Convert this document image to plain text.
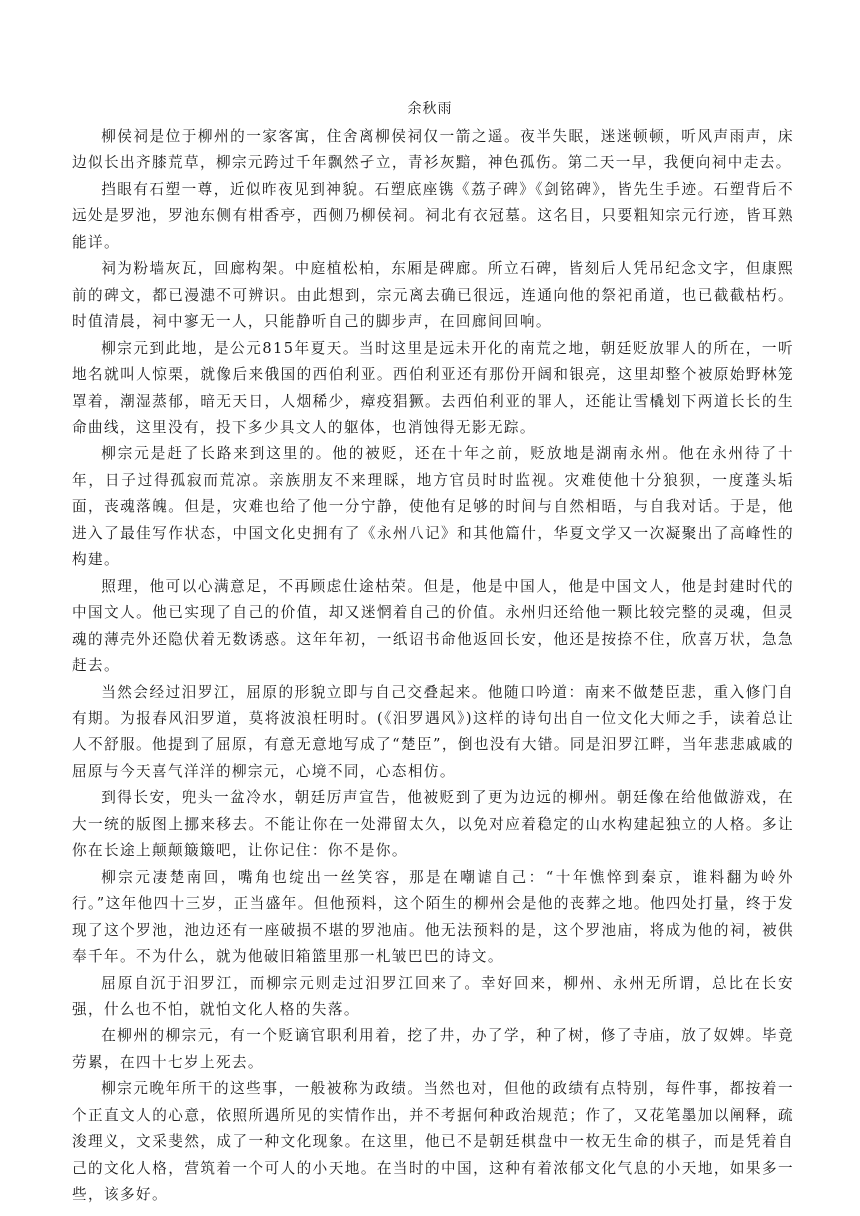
余秋雨

柳侯祠是位于柳州的一家客寓，住舍离柳侯祠仅一箭之遥。夜半失眠，迷迷顿顿，听风声雨声，床边似长出齐膝荒草，柳宗元跨过千年飘然孑立，青衫灰黯，神色孤伤。第二天一早，我便向祠中走去。

挡眼有石塑一尊，近似昨夜见到神貌。石塑底座镌《荔子碑》《剑铭碑》，皆先生手迹。石塑背后不远处是罗池，罗池东侧有柑香亭，西侧乃柳侯祠。祠北有衣冠墓。这名目，只要粗知宗元行迹，皆耳熟能详。

祠为粉墙灰瓦，回廊构架。中庭植松柏，东厢是碑廊。所立石碑，皆刻后人凭吊纪念文字，但康熙前的碑文，都已漫漶不可辨识。由此想到，宗元离去确已很远，连通向他的祭祀甬道，也已截截枯朽。时值清晨，祠中寥无一人，只能静听自己的脚步声，在回廊间回响。

柳宗元到此地，是公元815年夏天。当时这里是远未开化的南荒之地，朝廷贬放罪人的所在，一听地名就叫人惊栗，就像后来俄国的西伯利亚。西伯利亚还有那份开阔和银亮，这里却整个被原始野林笼罩着，潮湿蒸郁，暗无天日，人烟稀少，瘴疫猖獗。去西伯利亚的罪人，还能让雪橇划下两道长长的生命曲线，这里没有，投下多少具文人的躯体，也消蚀得无影无踪。

柳宗元是赶了长路来到这里的。他的被贬，还在十年之前，贬放地是湖南永州。他在永州待了十年，日子过得孤寂而荒凉。亲族朋友不来理睬，地方官员时时监视。灾难使他十分狼狈，一度蓬头垢面，丧魂落魄。但是，灾难也给了他一分宁静，使他有足够的时间与自然相晤，与自我对话。于是，他进入了最佳写作状态，中国文化史拥有了《永州八记》和其他篇什，华夏文学又一次凝聚出了高峰性的构建。

照理，他可以心满意足，不再顾虑仕途枯荣。但是，他是中国人，他是中国文人，他是封建时代的中国文人。他已实现了自己的价值，却又迷惘着自己的价值。永州归还给他一颗比较完整的灵魂，但灵魂的薄壳外还隐伏着无数诱惑。这年年初，一纸诏书命他返回长安，他还是按捺不住，欣喜万状，急急赶去。

当然会经过汨罗江，屈原的形貌立即与自己交叠起来。他随口吟道：南来不做楚臣悲，重入修门自有期。为报春风汨罗道，莫将波浪枉明时。(《汨罗遇风》)这样的诗句出自一位文化大师之手，读着总让人不舒服。他提到了屈原，有意无意地写成了“楚臣”，倒也没有大错。同是汨罗江畔，当年悲悲戚戚的屈原与今天喜气洋洋的柳宗元，心境不同，心态相仿。

到得长安，兜头一盆冷水，朝廷厉声宣告，他被贬到了更为边远的柳州。朝廷像在给他做游戏，在大一统的版图上挪来移去。不能让你在一处滞留太久，以免对应着稳定的山水构建起独立的人格。多让你在长途上颠颠簸簸吧，让你记住：你不是你。

柳宗元凄楚南回，嘴角也绽出一丝笑容，那是在嘲谑自己：“十年憔悴到秦京，谁料翻为岭外行。”这年他四十三岁，正当盛年。但他预料，这个陌生的柳州会是他的丧葬之地。他四处打量，终于发现了这个罗池，池边还有一座破损不堪的罗池庙。他无法预料的是，这个罗池庙，将成为他的祠，被供奉千年。不为什么，就为他破旧箱篮里那一札皱巴巴的诗文。

屈原自沉于汨罗江，而柳宗元则走过汨罗江回来了。幸好回来，柳州、永州无所谓，总比在长安强，什么也不怕，就怕文化人格的失落。

在柳州的柳宗元，有一个贬谪官职利用着，挖了井，办了学，种了树，修了寺庙，放了奴婢。毕竟劳累，在四十七岁上死去。

柳宗元晚年所干的这些事，一般被称为政绩。当然也对，但他的政绩有点特别，每件事，都按着一个正直文人的心意，依照所遇所见的实情作出，并不考据何种政治规范；作了，又花笔墨加以阐释，疏浚理义，文采斐然，成了一种文化现象。在这里，他已不是朝廷棋盘中一枚无生命的棋子，而是凭着自己的文化人格，营筑着一个可人的小天地。在当时的中国，这种有着浓郁文化气息的小天地，如果多一些，该多好。
